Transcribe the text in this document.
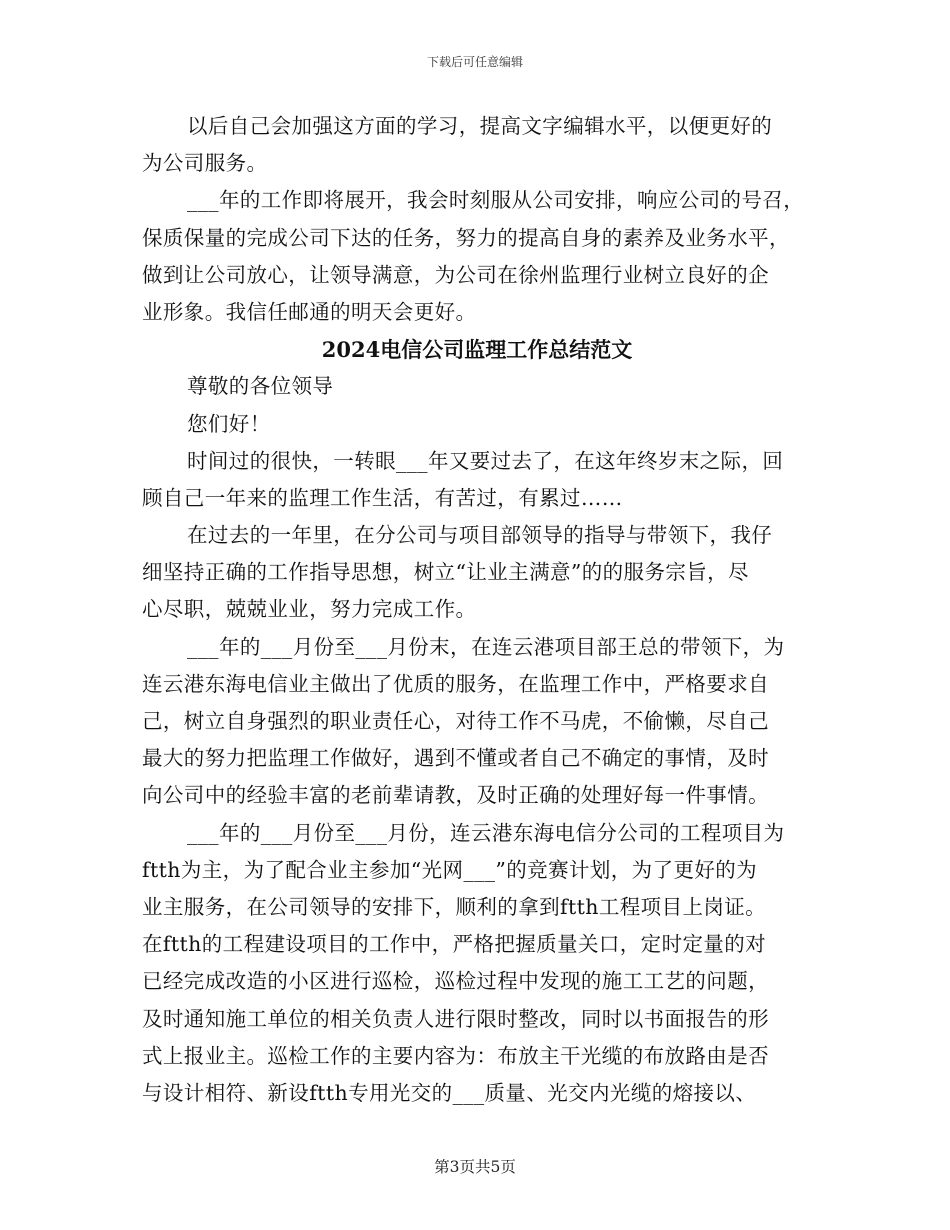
下载后可任意编辑
以后自己会加强这方面的学习，提高文字编辑水平，以便更好的
为公司服务。
___年的工作即将展开，我会时刻服从公司安排，响应公司的号召，
保质保量的完成公司下达的任务，努力的提高自身的素养及业务水平，
做到让公司放心，让领导满意，为公司在徐州监理行业树立良好的企
业形象。我信任邮通的明天会更好。
2024电信公司监理工作总结范文
尊敬的各位领导
您们好！
时间过的很快，一转眼___年又要过去了，在这年终岁末之际，回
顾自己一年来的监理工作生活，有苦过，有累过……
在过去的一年里，在分公司与项目部领导的指导与带领下，我仔
细坚持正确的工作指导思想，树立“让业主满意”的的服务宗旨，尽
心尽职，兢兢业业，努力完成工作。
___年的___月份至___月份末，在连云港项目部王总的带领下，为
连云港东海电信业主做出了优质的服务，在监理工作中，严格要求自
己，树立自身强烈的职业责任心，对待工作不马虎，不偷懒，尽自己
最大的努力把监理工作做好，遇到不懂或者自己不确定的事情，及时
向公司中的经验丰富的老前辈请教，及时正确的处理好每一件事情。
___年的___月份至___月份，连云港东海电信分公司的工程项目为
ftth为主，为了配合业主参加“光网___”的竞赛计划，为了更好的为
业主服务，在公司领导的安排下，顺利的拿到ftth工程项目上岗证。
在ftth的工程建设项目的工作中，严格把握质量关口，定时定量的对
已经完成改造的小区进行巡检，巡检过程中发现的施工工艺的问题，
及时通知施工单位的相关负责人进行限时整改，同时以书面报告的形
式上报业主。巡检工作的主要内容为：布放主干光缆的布放路由是否
与设计相符、新设ftth专用光交的___质量、光交内光缆的熔接以、
第3页共5页
